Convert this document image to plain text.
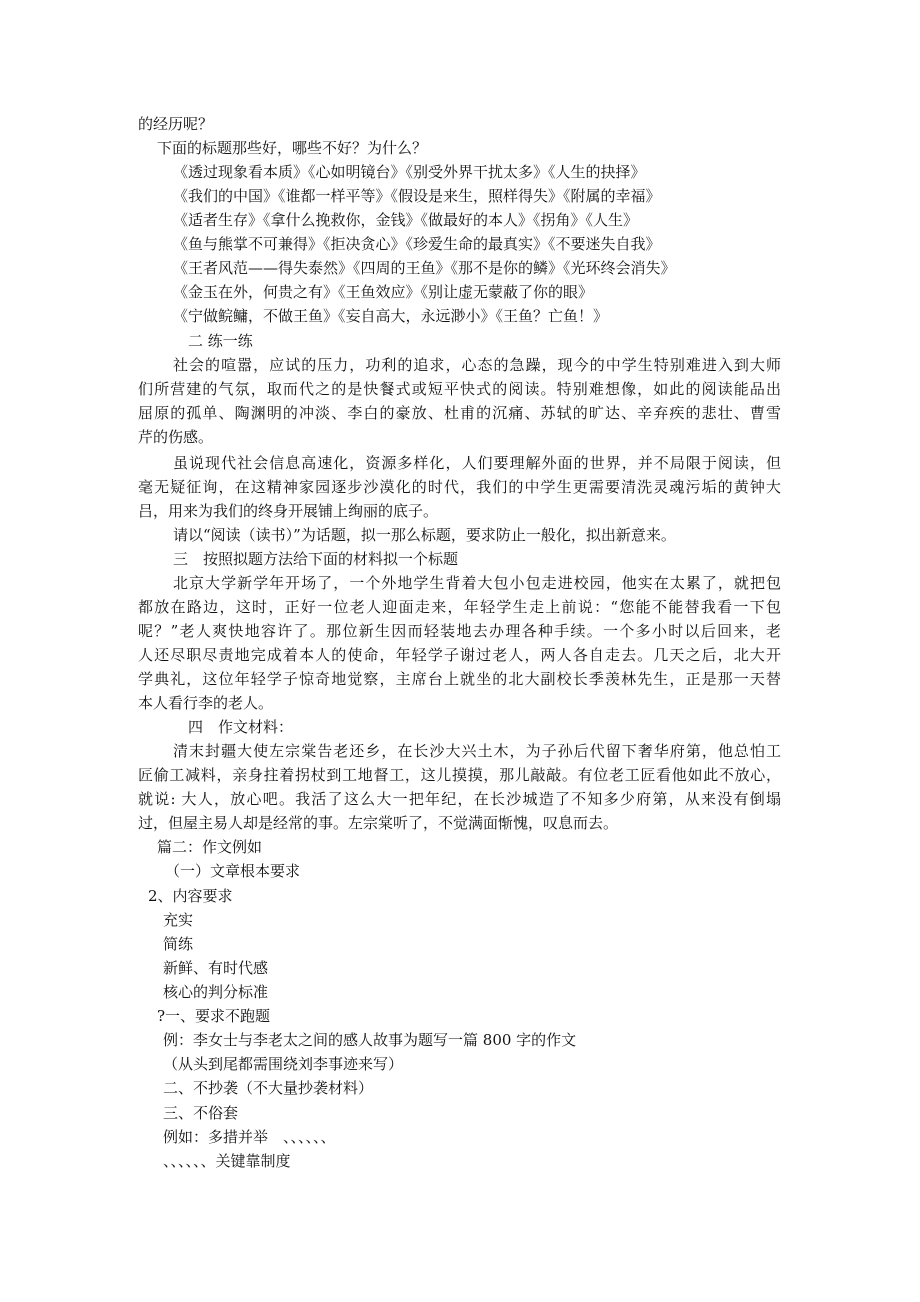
的经历呢？
下面的标题那些好，哪些不好？为什么？
《透过现象看本质》《心如明镜台》《别受外界干扰太多》《人生的抉择》
《我们的中国》《谁都一样平等》《假设是来生，照样得失》《附属的幸福》
《适者生存》《拿什么挽救你，金钱》《做最好的本人》《拐角》《人生》
《鱼与熊掌不可兼得》《拒决贪心》《珍爱生命的最真实》《不要迷失自我》
《王者风范——得失泰然》《四周的王鱼》《那不是你的鳞》《光环终会消失》
《金玉在外，何贵之有》《王鱼效应》《别让虚无蒙蔽了你的眼》
《宁做鲩鳙，不做王鱼》《妄自高大，永远渺小》《王鱼？亡鱼！》
二 练一练
社会的喧嚣，应试的压力，功利的追求，心态的急躁，现今的中学生特别难进入到大师
们所营建的气氛，取而代之的是快餐式或短平快式的阅读。特别难想像，如此的阅读能品出
屈原的孤单、陶渊明的冲淡、李白的豪放、杜甫的沉痛、苏轼的旷达、辛弃疾的悲壮、曹雪
芹的伤感。
虽说现代社会信息高速化，资源多样化，人们要理解外面的世界，并不局限于阅读，但
毫无疑征询，在这精神家园逐步沙漠化的时代，我们的中学生更需要清洗灵魂污垢的黄钟大
吕，用来为我们的终身开展铺上绚丽的底子。
请以“阅读（读书）”为话题，拟一那么标题，要求防止一般化，拟出新意来。
三　按照拟题方法给下面的材料拟一个标题
北京大学新学年开场了，一个外地学生背着大包小包走进校园，他实在太累了，就把包
都放在路边，这时，正好一位老人迎面走来，年轻学生走上前说：“您能不能替我看一下包
呢？”老人爽快地容许了。那位新生因而轻装地去办理各种手续。一个多小时以后回来，老
人还尽职尽责地完成着本人的使命，年轻学子谢过老人，两人各自走去。几天之后，北大开
学典礼，这位年轻学子惊奇地觉察，主席台上就坐的北大副校长季羡林先生，正是那一天替
本人看行李的老人。
四　作文材料：
清末封疆大使左宗棠告老还乡，在长沙大兴土木，为子孙后代留下奢华府第，他总怕工
匠偷工减料，亲身拄着拐杖到工地督工，这儿摸摸，那儿敲敲。有位老工匠看他如此不放心，
就说: 大人，放心吧。我活了这么大一把年纪，在长沙城造了不知多少府第，从来没有倒塌
过，但屋主易人却是经常的事。左宗棠听了，不觉满面惭愧，叹息而去。
篇二：作文例如
（一）文章根本要求
2、内容要求
充实
简练
新鲜、有时代感
核心的判分标准
?一、要求不跑题
例：李女士与李老太之间的感人故事为题写一篇 800 字的作文
（从头到尾都需围绕刘李事迹来写）
二、不抄袭（不大量抄袭材料）
三、不俗套
例如：多措并举　、、、、、、
、、、、、、关键靠制度
